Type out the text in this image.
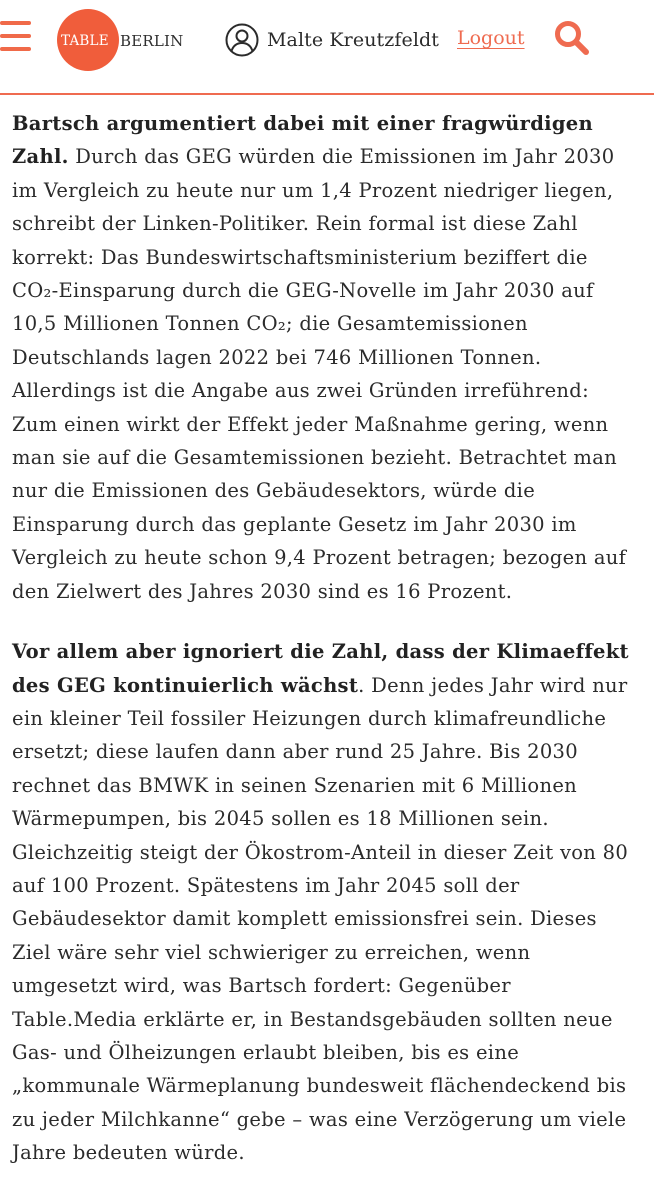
TABLE BERLIN	Malte Kreutzfeldt Logout

Bartsch argumentiert dabei mit einer fragwürdigen Zahl. Durch das GEG würden die Emissionen im Jahr 2030 im Vergleich zu heute nur um 1,4 Prozent niedriger liegen, schreibt der Linken-Politiker. Rein formal ist diese Zahl korrekt: Das Bundeswirtschaftsministerium beziffert die CO₂-Einsparung durch die GEG-Novelle im Jahr 2030 auf 10,5 Millionen Tonnen CO₂; die Gesamtemissionen Deutschlands lagen 2022 bei 746 Millionen Tonnen. Allerdings ist die Angabe aus zwei Gründen irreführend: Zum einen wirkt der Effekt jeder Maßnahme gering, wenn man sie auf die Gesamtemissionen bezieht. Betrachtet man nur die Emissionen des Gebäudesektors, würde die Einsparung durch das geplante Gesetz im Jahr 2030 im Vergleich zu heute schon 9,4 Prozent betragen; bezogen auf den Zielwert des Jahres 2030 sind es 16 Prozent.

Vor allem aber ignoriert die Zahl, dass der Klimaeffekt des GEG kontinuierlich wächst. Denn jedes Jahr wird nur ein kleiner Teil fossiler Heizungen durch klimafreundliche ersetzt; diese laufen dann aber rund 25 Jahre. Bis 2030 rechnet das BMWK in seinen Szenarien mit 6 Millionen Wärmepumpen, bis 2045 sollen es 18 Millionen sein. Gleichzeitig steigt der Ökostrom-Anteil in dieser Zeit von 80 auf 100 Prozent. Spätestens im Jahr 2045 soll der Gebäudesektor damit komplett emissionsfrei sein. Dieses Ziel wäre sehr viel schwieriger zu erreichen, wenn umgesetzt wird, was Bartsch fordert: Gegenüber Table.Media erklärte er, in Bestandsgebäuden sollten neue Gas- und Ölheizungen erlaubt bleiben, bis es eine „kommunale Wärmeplanung bundesweit flächendeckend bis zu jeder Milchkanne“ gebe – was eine Verzögerung um viele Jahre bedeuten würde.
